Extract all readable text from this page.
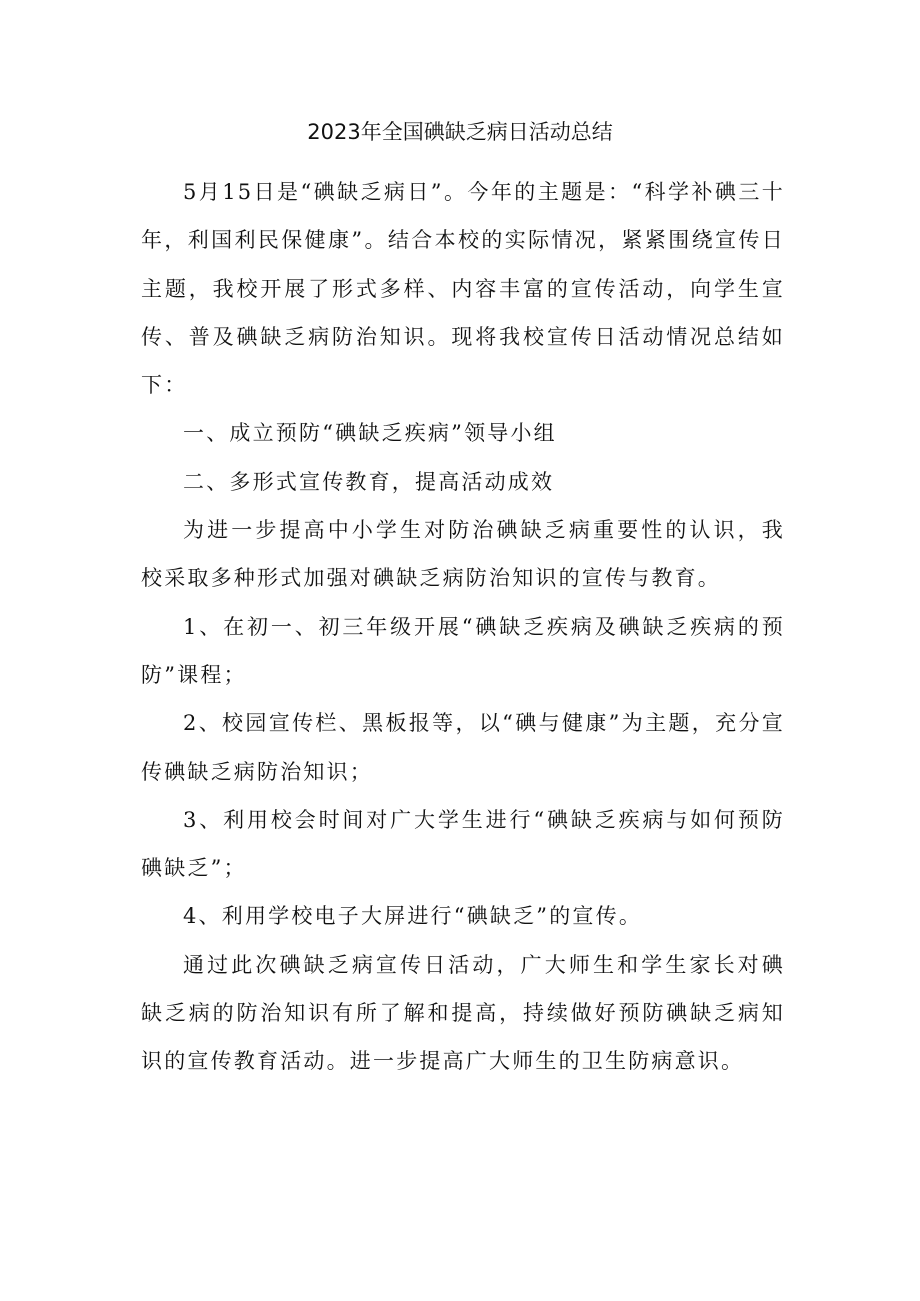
2023年全国碘缺乏病日活动总结

5月15日是“碘缺乏病日”。今年的主题是：“科学补碘三十年，利国利民保健康”。结合本校的实际情况，紧紧围绕宣传日主题，我校开展了形式多样、内容丰富的宣传活动，向学生宣传、普及碘缺乏病防治知识。现将我校宣传日活动情况总结如下：

一、成立预防“碘缺乏疾病”领导小组

二、多形式宣传教育，提高活动成效

为进一步提高中小学生对防治碘缺乏病重要性的认识，我校采取多种形式加强对碘缺乏病防治知识的宣传与教育。

1、在初一、初三年级开展“碘缺乏疾病及碘缺乏疾病的预防”课程；

2、校园宣传栏、黑板报等，以“碘与健康”为主题，充分宣传碘缺乏病防治知识；

3、利用校会时间对广大学生进行“碘缺乏疾病与如何预防碘缺乏”；

4、利用学校电子大屏进行“碘缺乏”的宣传。

通过此次碘缺乏病宣传日活动，广大师生和学生家长对碘缺乏病的防治知识有所了解和提高，持续做好预防碘缺乏病知识的宣传教育活动。进一步提高广大师生的卫生防病意识。
